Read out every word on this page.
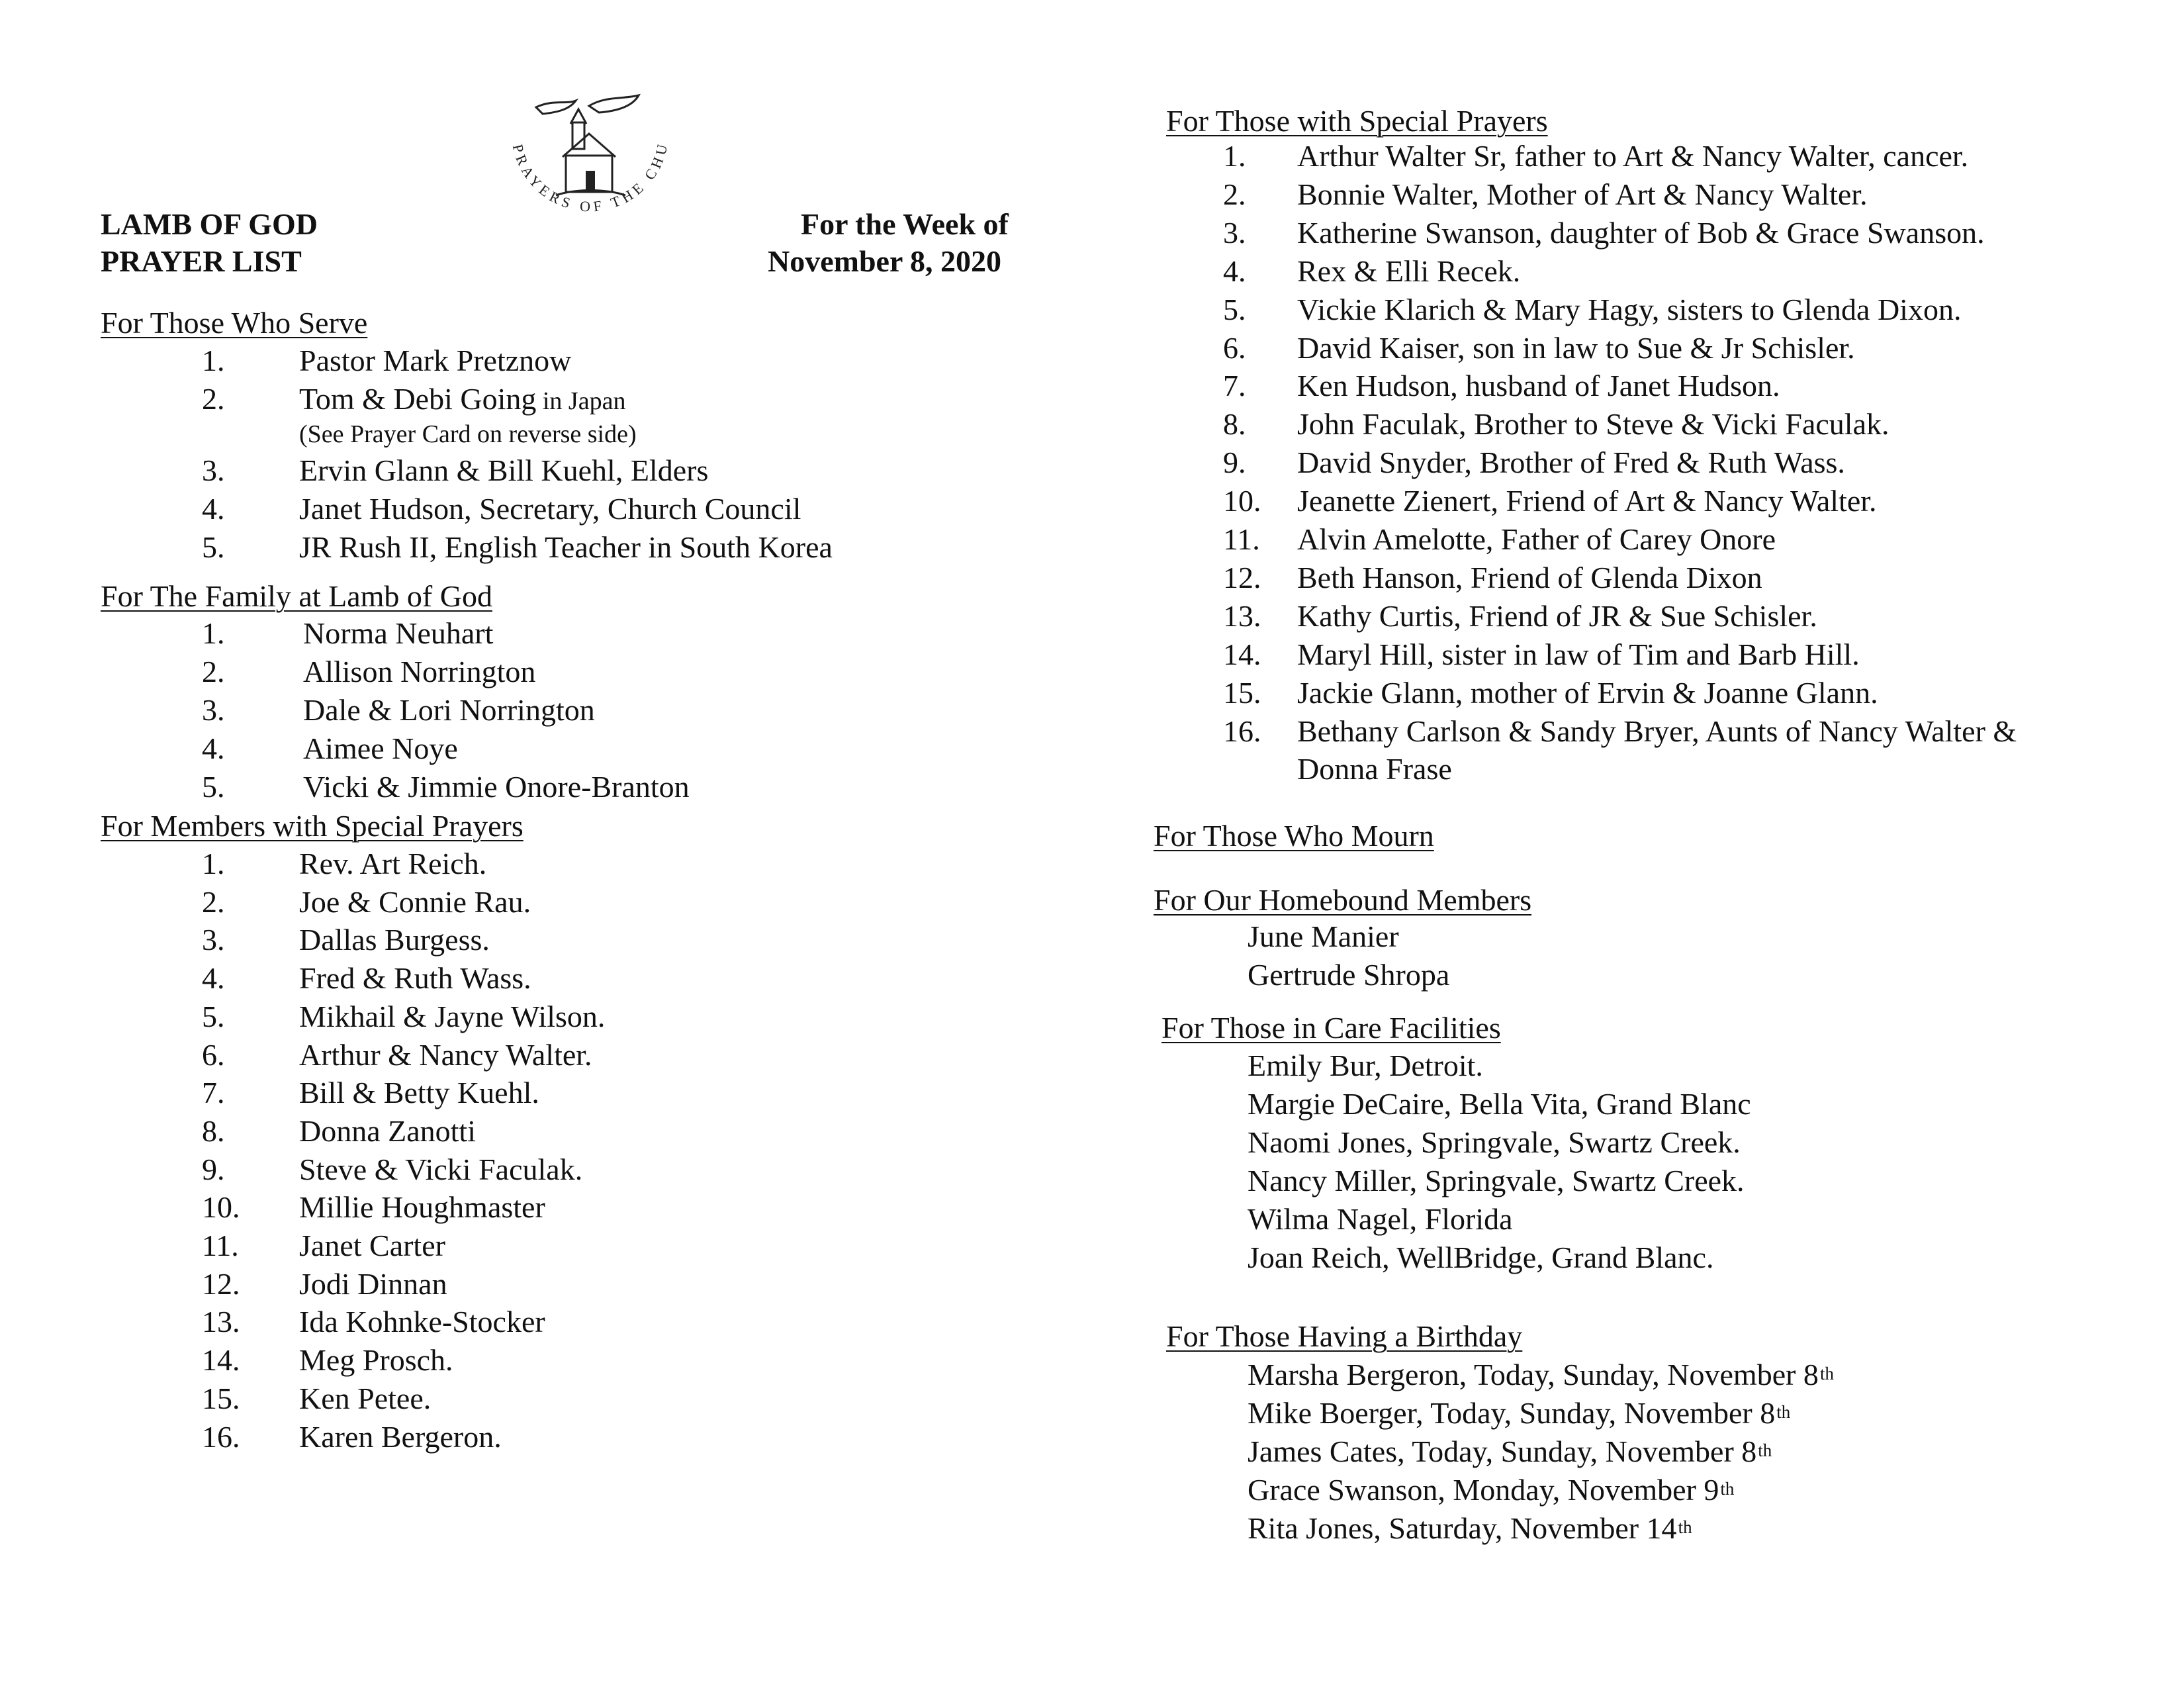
PRAYERS OF THE CHU
LAMB OF GOD
PRAYER LIST
For the Week of
November 8, 2020
For Those Who Serve
1. Pastor Mark Pretznow
2. Tom & Debi Going in Japan
(See Prayer Card on reverse side)
3. Ervin Glann & Bill Kuehl, Elders
4. Janet Hudson, Secretary, Church Council
5. JR Rush II, English Teacher in South Korea
For The Family at Lamb of God
1.	Norma Neuhart
2.	Allison Norrington
3.	Dale & Lori Norrington
4.	Aimee Noye
5.	Vicki & Jimmie Onore-Branton
For Members with Special Prayers
1. Rev. Art Reich.
2. Joe & Connie Rau.
3. Dallas Burgess.
4. Fred & Ruth Wass.
5. Mikhail & Jayne Wilson.
6. Arthur & Nancy Walter.
7. Bill & Betty Kuehl.
8. Donna Zanotti
9. Steve & Vicki Faculak.
10. Millie Houghmaster
11. Janet Carter
12. Jodi Dinnan
13. Ida Kohnke-Stocker
14. Meg Prosch.
15. Ken Petee.
16. Karen Bergeron.
For Those with Special Prayers
1. Arthur Walter Sr, father to Art & Nancy Walter, cancer.
2. Bonnie Walter, Mother of Art & Nancy Walter.
3. Katherine Swanson, daughter of Bob & Grace Swanson.
4. Rex & Elli Recek.
5. Vickie Klarich & Mary Hagy, sisters to Glenda Dixon.
6. David Kaiser, son in law to Sue & Jr Schisler.
7. Ken Hudson, husband of Janet Hudson.
8. John Faculak, Brother to Steve & Vicki Faculak.
9. David Snyder, Brother of Fred & Ruth Wass.
10. Jeanette Zienert, Friend of Art & Nancy Walter.
11. Alvin Amelotte, Father of Carey Onore
12. Beth Hanson, Friend of Glenda Dixon
13. Kathy Curtis, Friend of JR & Sue Schisler.
14. Maryl Hill, sister in law of Tim and Barb Hill.
15. Jackie Glann, mother of Ervin & Joanne Glann.
16. Bethany Carlson & Sandy Bryer, Aunts of Nancy Walter &
Donna Frase
For Those Who Mourn
For Our Homebound Members
June Manier
Gertrude Shropa
For Those in Care Facilities
Emily Bur, Detroit.
Margie DeCaire, Bella Vita, Grand Blanc
Naomi Jones, Springvale, Swartz Creek.
Nancy Miller, Springvale, Swartz Creek.
Wilma Nagel, Florida
Joan Reich, WellBridge, Grand Blanc.
For Those Having a Birthday
Marsha Bergeron, Today, Sunday, November 8th
Mike Boerger, Today, Sunday, November 8th
James Cates, Today, Sunday, November 8th
Grace Swanson, Monday, November 9th
Rita Jones, Saturday, November 14th
